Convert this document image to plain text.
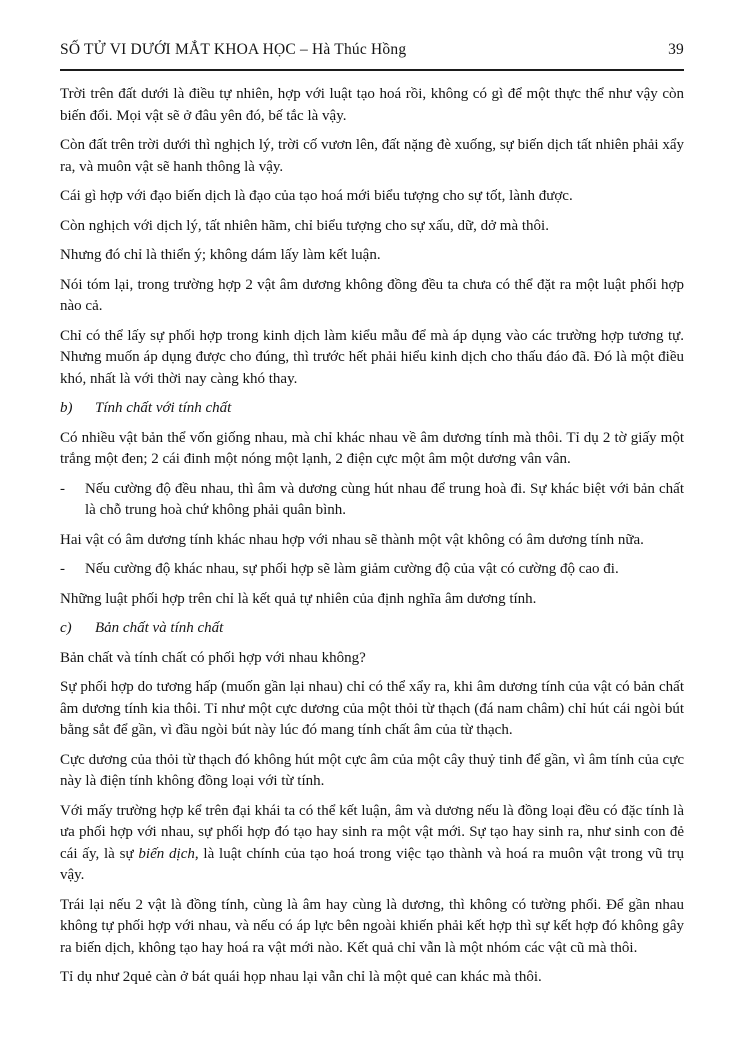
SỐ TỬ VI DƯỚI MẮT KHOA HỌC – Hà Thúc Hồng	39

Trời trên đất dưới là điều tự nhiên, hợp với luật tạo hoá rồi, không có gì để một thực thể như vậy còn biến đổi. Mọi vật sẽ ở đâu yên đó, bế tắc là vậy.

Còn đất trên trời dưới thì nghịch lý, trời cố vươn lên, đất nặng đè xuống, sự biến dịch tất nhiên phải xẩy ra, và muôn vật sẽ hanh thông là vậy.

Cái gì hợp với đạo biến dịch là đạo của tạo hoá mới biểu tượng cho sự tốt, lành được.

Còn nghịch với dịch lý, tất nhiên hãm, chỉ biểu tượng cho sự xấu, dữ, dở mà thôi.

Nhưng đó chỉ là thiển ý; không dám lấy làm kết luận.

Nói tóm lại, trong trường hợp 2 vật âm dương không đồng đều ta chưa có thể đặt ra một luật phối hợp nào cả.

Chỉ có thể lấy sự phối hợp trong kinh dịch làm kiểu mẫu để mà áp dụng vào các trường hợp tương tự. Nhưng muốn áp dụng được cho đúng, thì trước hết phải hiểu kinh dịch cho thấu đáo đã. Đó là một điều khó, nhất là với thời nay càng khó thay.

b)	Tính chất với tính chất

Có nhiều vật bản thể vốn giống nhau, mà chỉ khác nhau về âm dương tính mà thôi. Tỉ dụ 2 tờ giấy một trắng một đen; 2 cái đinh một nóng một lạnh, 2 điện cực một âm một dương vân vân.

-	Nếu cường độ đều nhau, thì âm và dương cùng hút nhau để trung hoà đi. Sự khác biệt với bản chất là chỗ trung hoà chứ không phải quân bình.

Hai vật có âm dương tính khác nhau hợp với nhau sẽ thành một vật không có âm dương tính nữa.

-	Nếu cường độ khác nhau, sự phối hợp sẽ làm giảm cường độ của vật có cường độ cao đi.

Những luật phối hợp trên chỉ là kết quả tự nhiên của định nghĩa âm dương tính.

c)	Bản chất và tính chất

Bản chất và tính chất có phối hợp với nhau không?

Sự phối hợp do tương hấp (muốn gần lại nhau) chỉ có thể xẩy ra, khi âm dương tính của vật có bản chất âm dương tính kia thôi. Tỉ như một cực dương của một thỏi từ thạch (đá nam châm) chỉ hút cái ngòi bút bằng sắt để gần, vì đầu ngòi bút này lúc đó mang tính chất âm của từ thạch.

Cực dương của thỏi từ thạch đó không hút một cực âm của một cây thuỷ tinh để gần, vì âm tính của cực này là điện tính không đồng loại với từ tính.

Với mấy trường hợp kể trên đại khái ta có thể kết luận, âm và dương nếu là đồng loại đều có đặc tính là ưa phối hợp với nhau, sự phối hợp đó tạo hay sinh ra một vật mới. Sự tạo hay sinh ra, như sinh con đẻ cái ấy, là sự biến dịch, là luật chính của tạo hoá trong việc tạo thành và hoá ra muôn vật trong vũ trụ vậy.

Trái lại nếu 2 vật là đồng tính, cùng là âm hay cùng là dương, thì không có tường phối. Để gần nhau không tự phối hợp với nhau, và nếu có áp lực bên ngoài khiến phải kết hợp thì sự kết hợp đó không gây ra biến dịch, không tạo hay hoá ra vật mới nào. Kết quả chỉ vẫn là một nhóm các vật cũ mà thôi.

Tỉ dụ như 2quẻ càn ở bát quái họp nhau lại vẫn chỉ là một quẻ can khác mà thôi.
